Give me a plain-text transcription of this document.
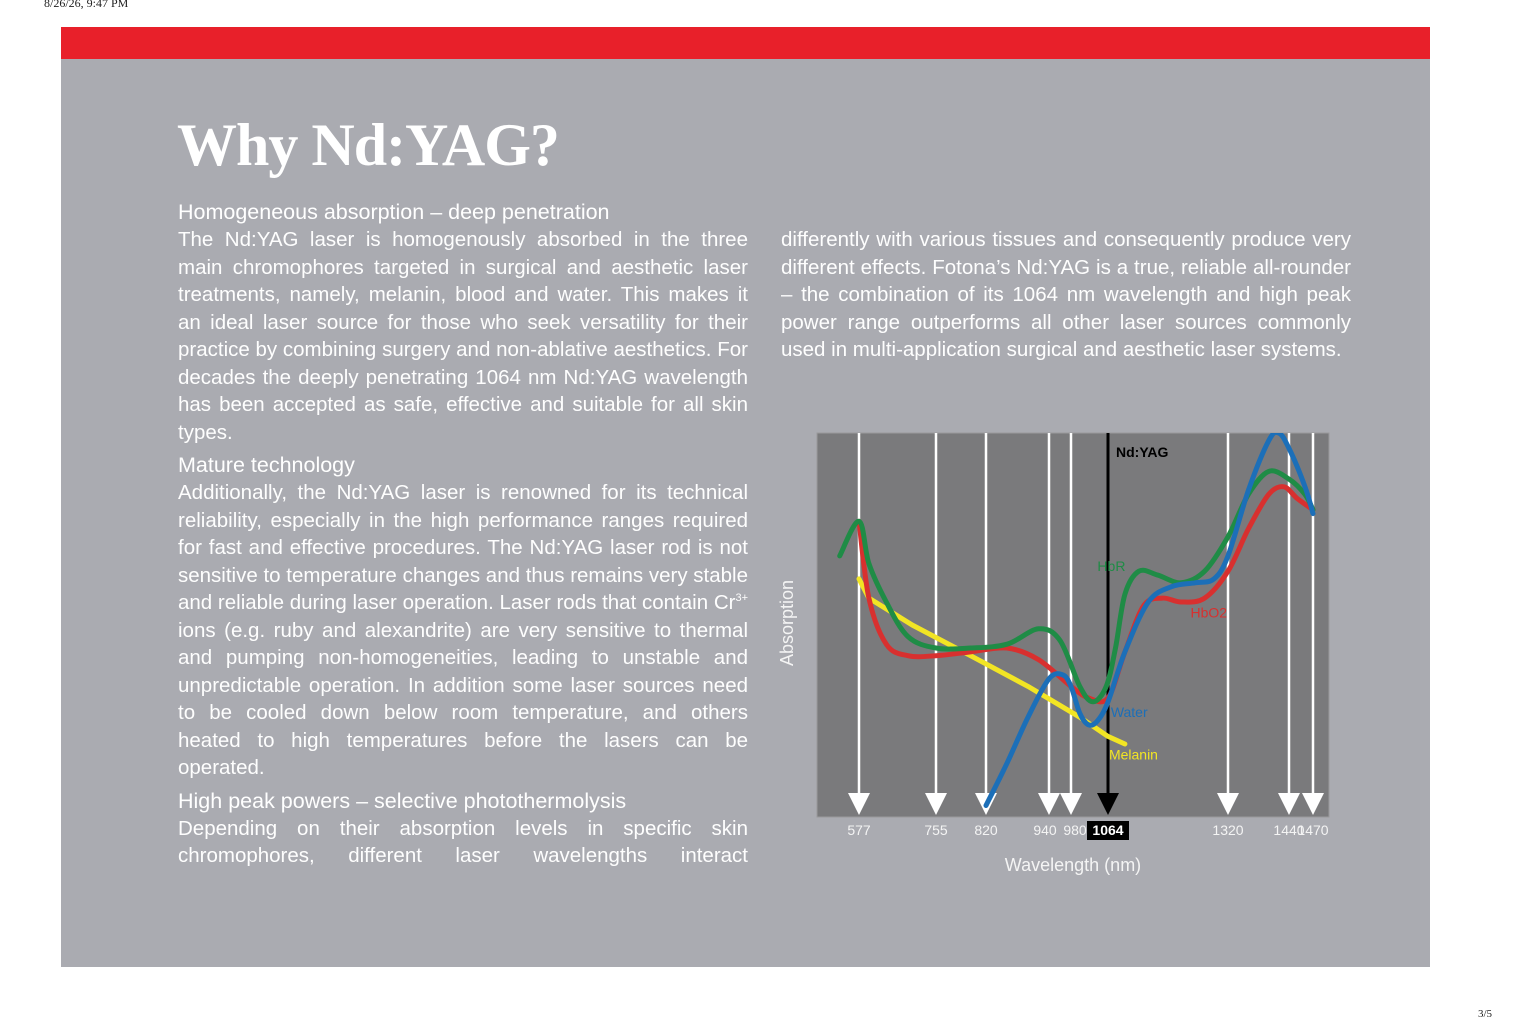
8/26/26, 9:47 PM
Why Nd:YAG?
Homogeneous absorption – deep penetration

The Nd:YAG laser is homogenously absorbed in the three main chromophores targeted in surgical and aesthetic laser treatments, namely, melanin, blood and water. This makes it an ideal laser source for those who seek versatility for their practice by combining surgery and non-ablative aesthetics. For decades the deeply penetrating 1064 nm Nd:YAG wavelength has been accepted as safe, effective and suitable for all skin types.

Mature technology

Additionally, the Nd:YAG laser is renowned for its technical reliability, especially in the high performance ranges required for fast and effective procedures. The Nd:YAG laser rod is not sensitive to temperature changes and thus remains very stable and reliable during laser operation. Laser rods that contain $Cr^{3+}$ ions (e.g. ruby and alexandrite) are very sensitive to thermal and pumping non-homogeneities, leading to unstable and unpredictable operation. In addition some laser sources need to be cooled down below room temperature, and others heated to high temperatures before the lasers can be operated.

High peak powers – selective photothermolysis

Depending on their absorption levels in specific skin chromophores, different laser wavelengths interact

differently with various tissues and consequently produce very different effects. Fotona’s Nd:YAG is a true, reliable all-rounder – the combination of its 1064 nm wavelength and high peak power range outperforms all other laser sources commonly used in multi-application surgical and aesthetic laser systems.

Water
HbR
HbO2
Melanin
Nd:YAG
577	755 820	940 980 1064	1320 1440
1470
Wavelength (nm)
Absorption
3/5
